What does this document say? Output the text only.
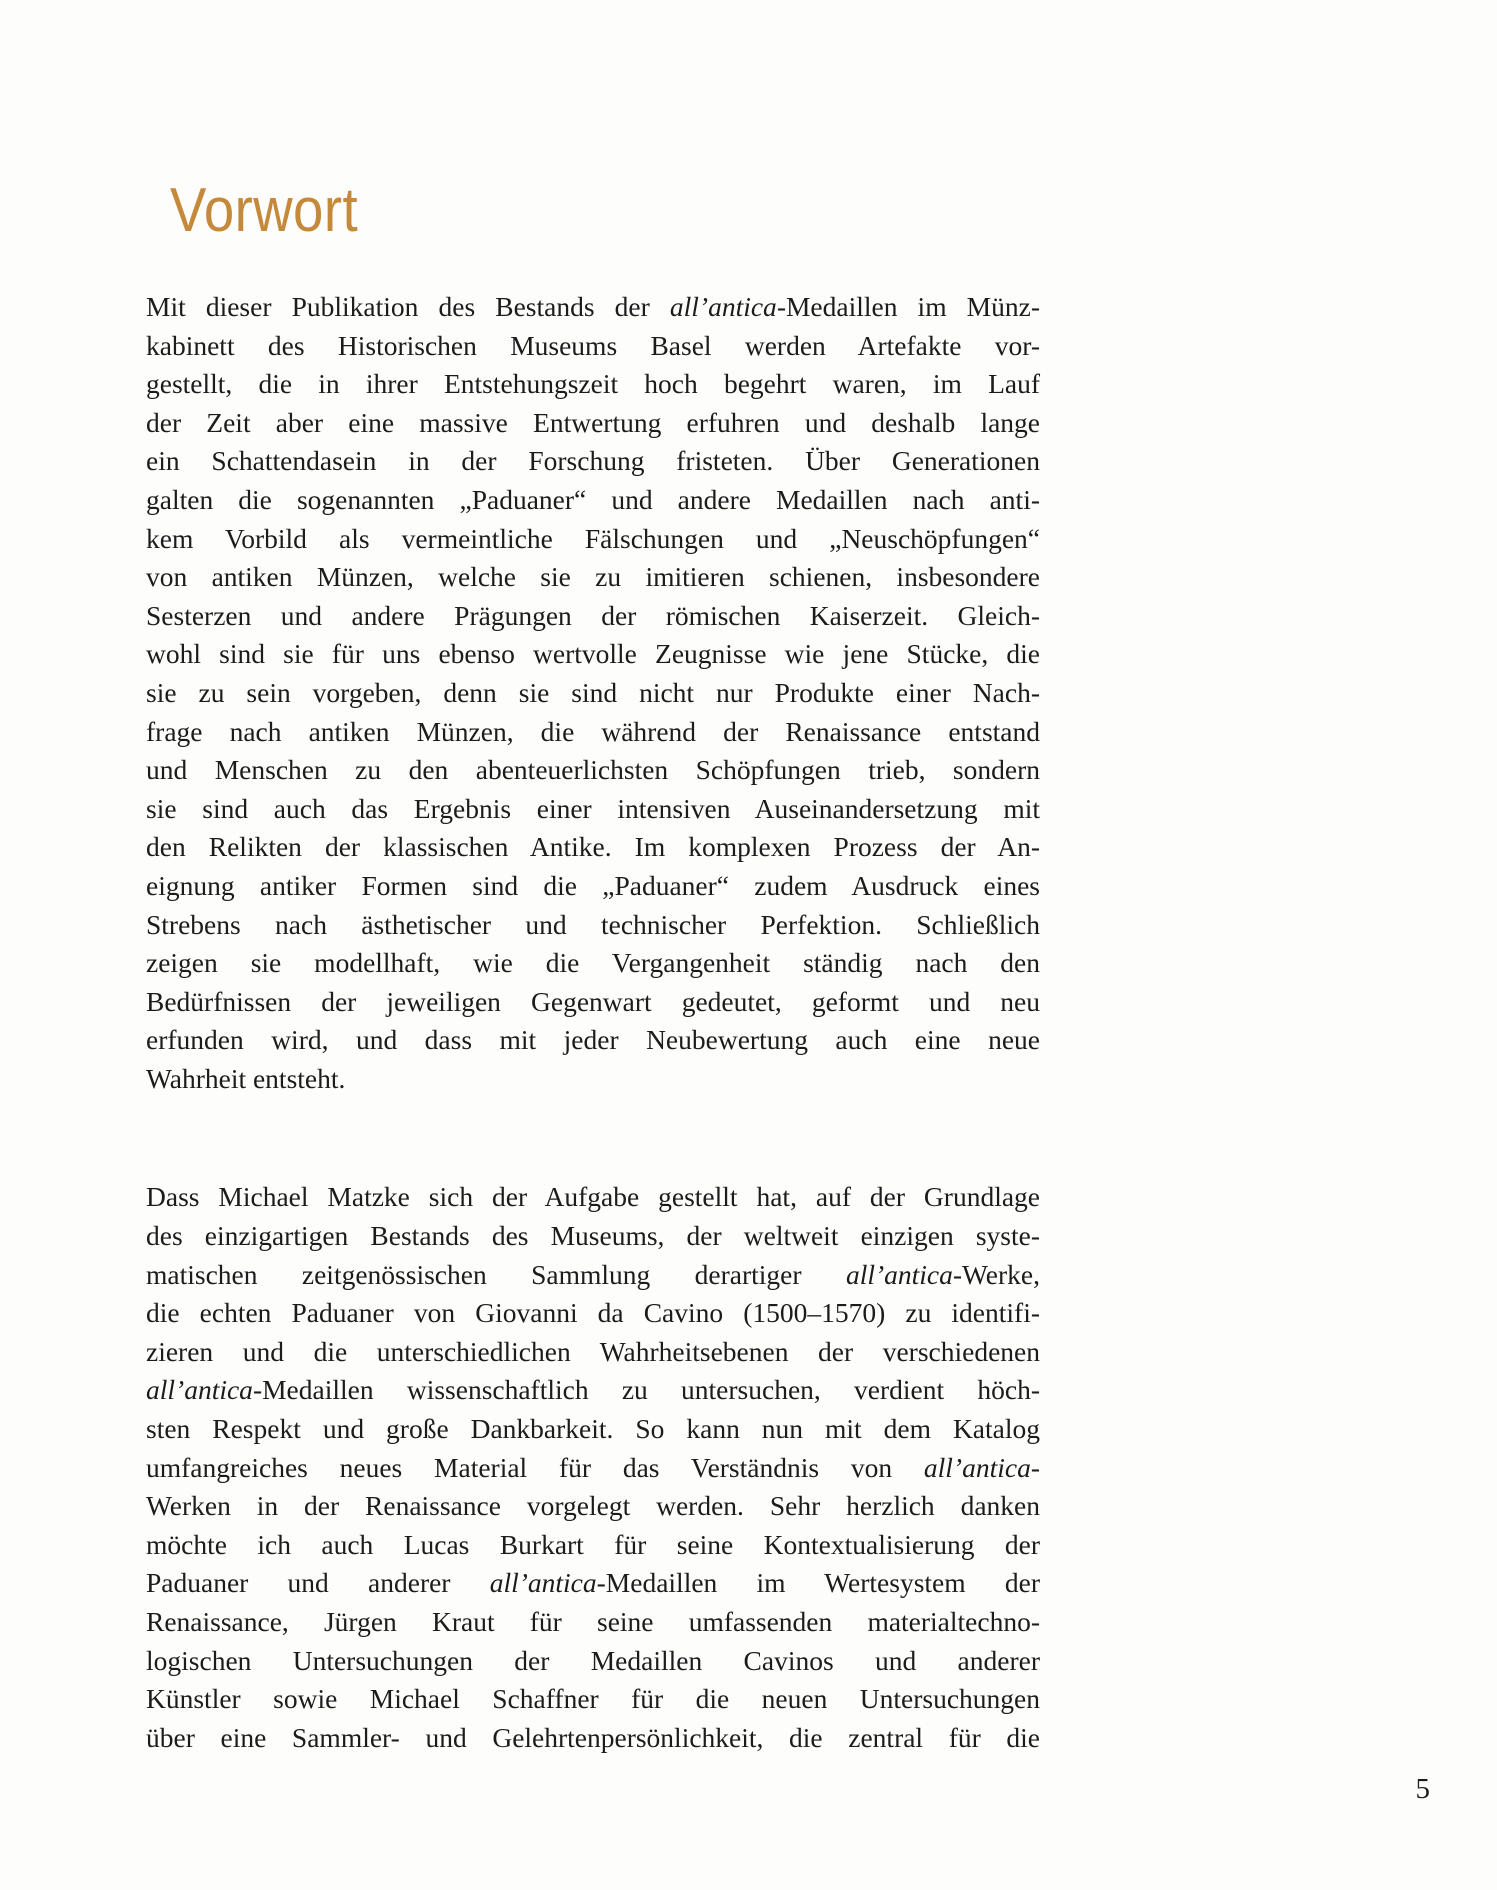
Vorwort
Mit dieser Publikation des Bestands der all’antica-Medaillen im Münz-
kabinett des Historischen Museums Basel werden Artefakte vor-
gestellt, die in ihrer Entstehungszeit hoch begehrt waren, im Lauf
der Zeit aber eine massive Entwertung erfuhren und deshalb lange
ein Schattendasein in der Forschung fristeten. Über Generationen
galten die sogenannten „Paduaner“ und andere Medaillen nach anti-
kem Vorbild als vermeintliche Fälschungen und „Neuschöpfungen“
von antiken Münzen, welche sie zu imitieren schienen, insbesondere
Sesterzen und andere Prägungen der römischen Kaiserzeit. Gleich-
wohl sind sie für uns ebenso wertvolle Zeugnisse wie jene Stücke, die
sie zu sein vorgeben, denn sie sind nicht nur Produkte einer Nach-
frage nach antiken Münzen, die während der Renaissance entstand
und Menschen zu den abenteuerlichsten Schöpfungen trieb, sondern
sie sind auch das Ergebnis einer intensiven Auseinandersetzung mit
den Relikten der klassischen Antike. Im komplexen Prozess der An-
eignung antiker Formen sind die „Paduaner“ zudem Ausdruck eines
Strebens nach ästhetischer und technischer Perfektion. Schließlich
zeigen sie modellhaft, wie die Vergangenheit ständig nach den
Bedürfnissen der jeweiligen Gegenwart gedeutet, geformt und neu
erfunden wird, und dass mit jeder Neubewertung auch eine neue
Wahrheit entsteht.
Dass Michael Matzke sich der Aufgabe gestellt hat, auf der Grundlage
des einzigartigen Bestands des Museums, der weltweit einzigen syste-
matischen zeitgenössischen Sammlung derartiger all’antica-Werke,
die echten Paduaner von Giovanni da Cavino (1500–1570) zu identifi-
zieren und die unterschiedlichen Wahrheitsebenen der verschiedenen
all’antica-Medaillen wissenschaftlich zu untersuchen, verdient höch-
sten Respekt und große Dankbarkeit. So kann nun mit dem Katalog
umfangreiches neues Material für das Verständnis von all’antica-
Werken in der Renaissance vorgelegt werden. Sehr herzlich danken
möchte ich auch Lucas Burkart für seine Kontextualisierung der
Paduaner und anderer all’antica-Medaillen im Wertesystem der
Renaissance, Jürgen Kraut für seine umfassenden materialtechno-
logischen Untersuchungen der Medaillen Cavinos und anderer
Künstler sowie Michael Schaffner für die neuen Untersuchungen
über eine Sammler- und Gelehrtenpersönlichkeit, die zentral für die
5
